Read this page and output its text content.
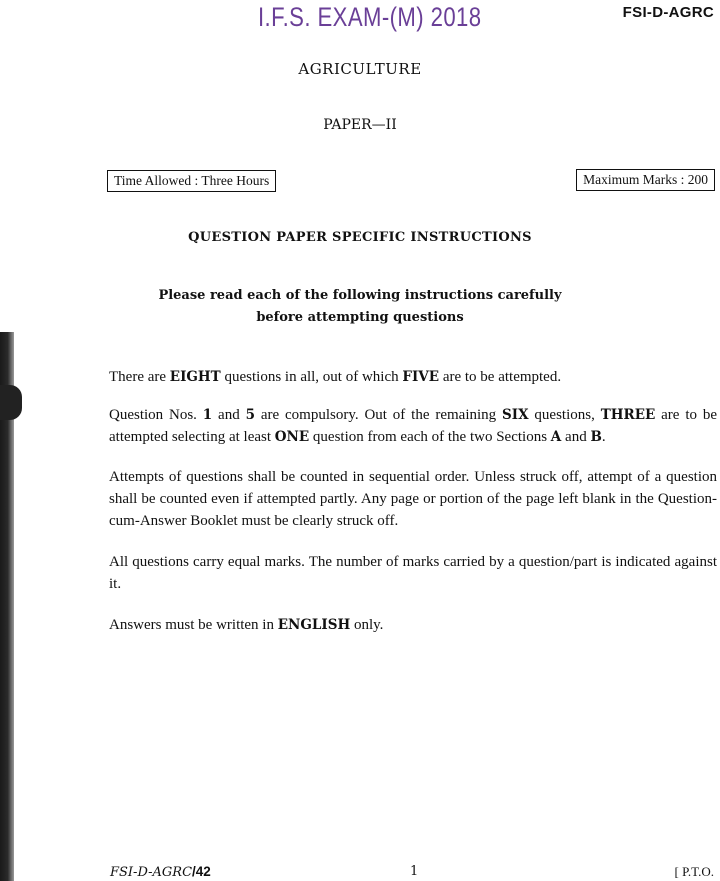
I.F.S. EXAM-(M) 2018	FSI-D-AGRC
AGRICULTURE
PAPER—II
Time Allowed : Three Hours	Maximum Marks : 200
QUESTION PAPER SPECIFIC INSTRUCTIONS
Please read each of the following instructions carefully
before attempting questions
There are EIGHT questions in all, out of which FIVE are to be attempted.
Question Nos. 1 and 5 are compulsory. Out of the remaining SIX questions, THREE are to be attempted selecting at least ONE question from each of the two Sections A and B.
Attempts of questions shall be counted in sequential order. Unless struck off, attempt of a question shall be counted even if attempted partly. Any page or portion of the page left blank in the Question-cum-Answer Booklet must be clearly struck off.
All questions carry equal marks. The number of marks carried by a question/part is indicated against it.
Answers must be written in ENGLISH only.
FSI-D-AGRC/42	1	[ P.T.O.
